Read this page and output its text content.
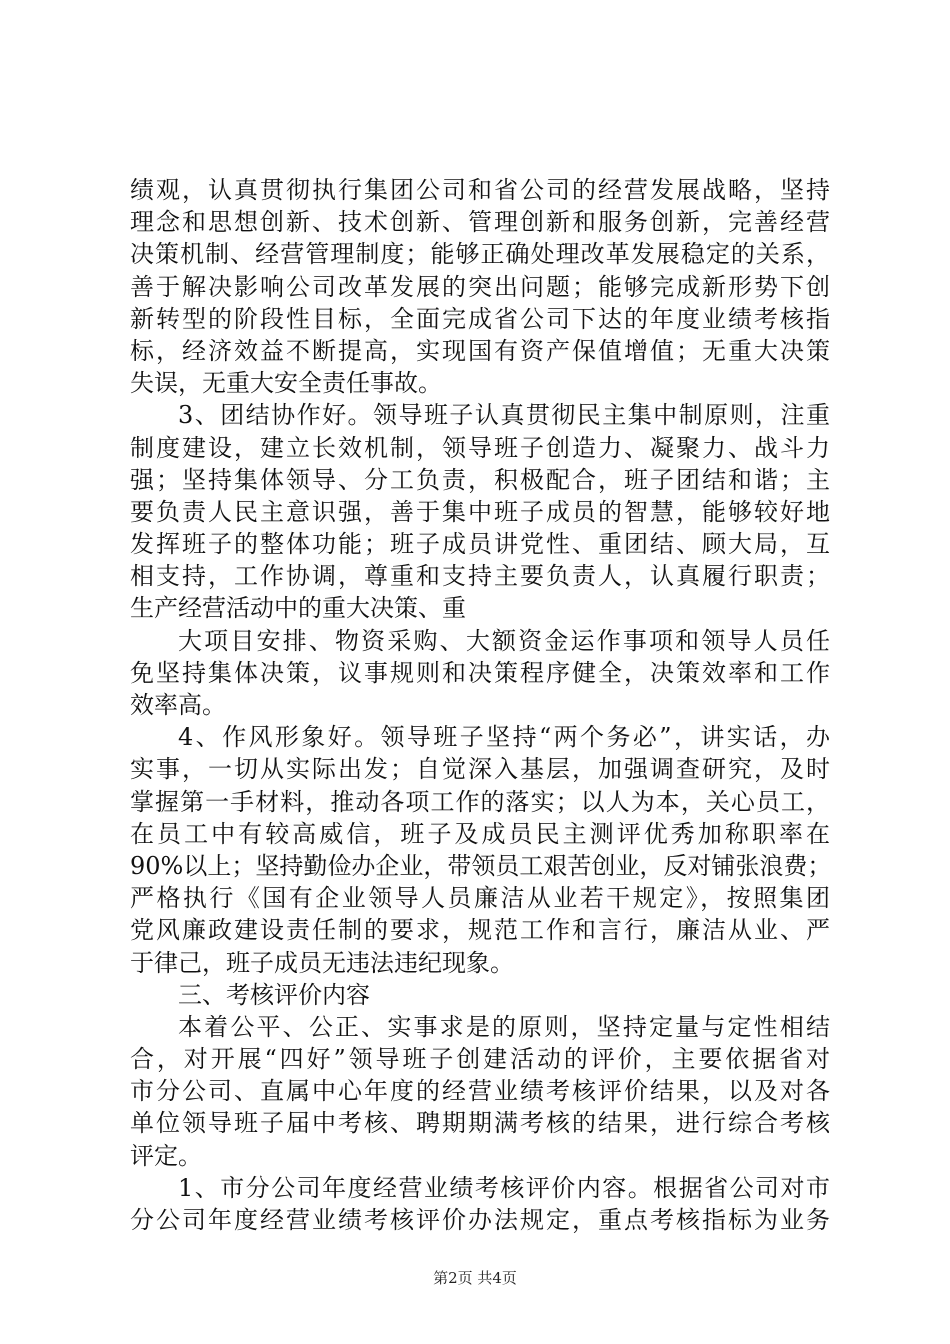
绩观，认真贯彻执行集团公司和省公司的经营发展战略，坚持
理念和思想创新、技术创新、管理创新和服务创新，完善经营
决策机制、经营管理制度；能够正确处理改革发展稳定的关系，
善于解决影响公司改革发展的突出问题；能够完成新形势下创
新转型的阶段性目标，全面完成省公司下达的年度业绩考核指
标，经济效益不断提高，实现国有资产保值增值；无重大决策
失误，无重大安全责任事故。
3、团结协作好。领导班子认真贯彻民主集中制原则，注重
制度建设，建立长效机制，领导班子创造力、凝聚力、战斗力
强；坚持集体领导、分工负责，积极配合，班子团结和谐；主
要负责人民主意识强，善于集中班子成员的智慧，能够较好地
发挥班子的整体功能；班子成员讲党性、重团结、顾大局，互
相支持，工作协调，尊重和支持主要负责人，认真履行职责；
生产经营活动中的重大决策、重
大项目安排、物资采购、大额资金运作事项和领导人员任
免坚持集体决策，议事规则和决策程序健全，决策效率和工作
效率高。
4、作风形象好。领导班子坚持“两个务必”，讲实话，办
实事，一切从实际出发；自觉深入基层，加强调查研究，及时
掌握第一手材料，推动各项工作的落实；以人为本，关心员工，
在员工中有较高威信，班子及成员民主测评优秀加称职率在
90%以上；坚持勤俭办企业，带领员工艰苦创业，反对铺张浪费；
严格执行《国有企业领导人员廉洁从业若干规定》，按照集团
党风廉政建设责任制的要求，规范工作和言行，廉洁从业、严
于律己，班子成员无违法违纪现象。
三、考核评价内容
本着公平、公正、实事求是的原则，坚持定量与定性相结
合，对开展“四好”领导班子创建活动的评价，主要依据省对
市分公司、直属中心年度的经营业绩考核评价结果，以及对各
单位领导班子届中考核、聘期期满考核的结果，进行综合考核
评定。
1、市分公司年度经营业绩考核评价内容。根据省公司对市
分公司年度经营业绩考核评价办法规定，重点考核指标为业务
第2页 共4页
